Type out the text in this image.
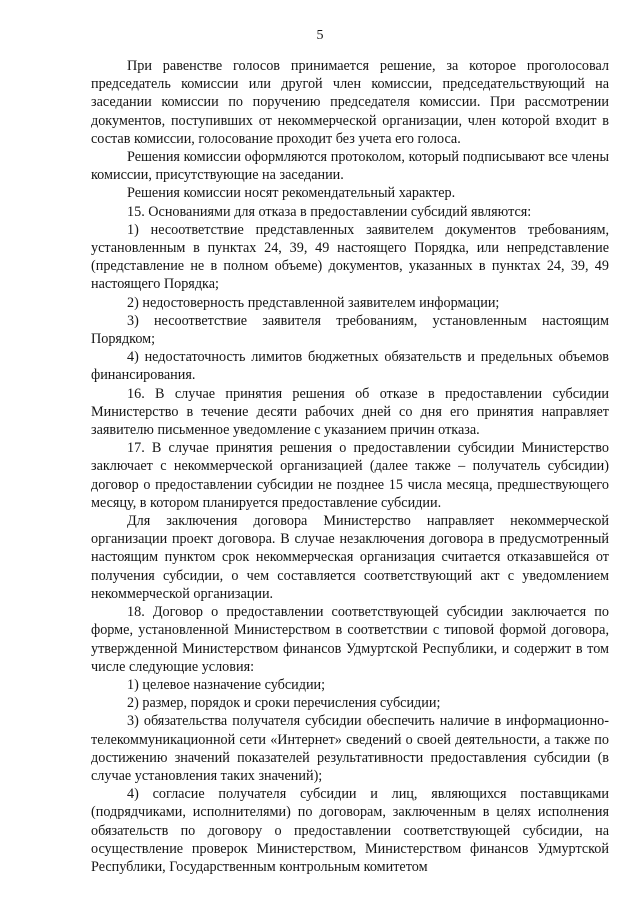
5

При равенстве голосов принимается решение, за которое проголосовал председатель комиссии или другой член комиссии, председательствующий на заседании комиссии по поручению председателя комиссии. При рассмотрении документов, поступивших от некоммерческой организации, член которой входит в состав комиссии, голосование проходит без учета его голоса.

Решения комиссии оформляются протоколом, который подписывают все члены комиссии, присутствующие на заседании.

Решения комиссии носят рекомендательный характер.

15. Основаниями для отказа в предоставлении субсидий являются:

1) несоответствие представленных заявителем документов требованиям, установленным в пунктах 24, 39, 49 настоящего Порядка, или непредставление (представление не в полном объеме) документов, указанных в пунктах 24, 39, 49 настоящего Порядка;

2) недостоверность представленной заявителем информации;

3) несоответствие заявителя требованиям, установленным настоящим Порядком;

4) недостаточность лимитов бюджетных обязательств и предельных объемов финансирования.

16. В случае принятия решения об отказе в предоставлении субсидии Министерство в течение десяти рабочих дней со дня его принятия направляет заявителю письменное уведомление с указанием причин отказа.

17. В случае принятия решения о предоставлении субсидии Министерство заключает с некоммерческой организацией (далее также – получатель субсидии) договор о предоставлении субсидии не позднее 15 числа месяца, предшествующего месяцу, в котором планируется предоставление субсидии.

Для заключения договора Министерство направляет некоммерческой организации проект договора. В случае незаключения договора в предусмотренный настоящим пунктом срок некоммерческая организация считается отказавшейся от получения субсидии, о чем составляется соответствующий акт с уведомлением некоммерческой организации.

18. Договор о предоставлении соответствующей субсидии заключается по форме, установленной Министерством в соответствии с типовой формой договора, утвержденной Министерством финансов Удмуртской Республики, и содержит в том числе следующие условия:

1) целевое назначение субсидии;

2) размер, порядок и сроки перечисления субсидии;

3) обязательства получателя субсидии обеспечить наличие в информационно-телекоммуникационной сети «Интернет» сведений о своей деятельности, а также по достижению значений показателей результативности предоставления субсидии (в случае установления таких значений);

4) согласие получателя субсидии и лиц, являющихся поставщиками (подрядчиками, исполнителями) по договорам, заключенным в целях исполнения обязательств по договору о предоставлении соответствующей субсидии, на осуществление проверок Министерством, Министерством финансов Удмуртской Республики, Государственным контрольным комитетом
